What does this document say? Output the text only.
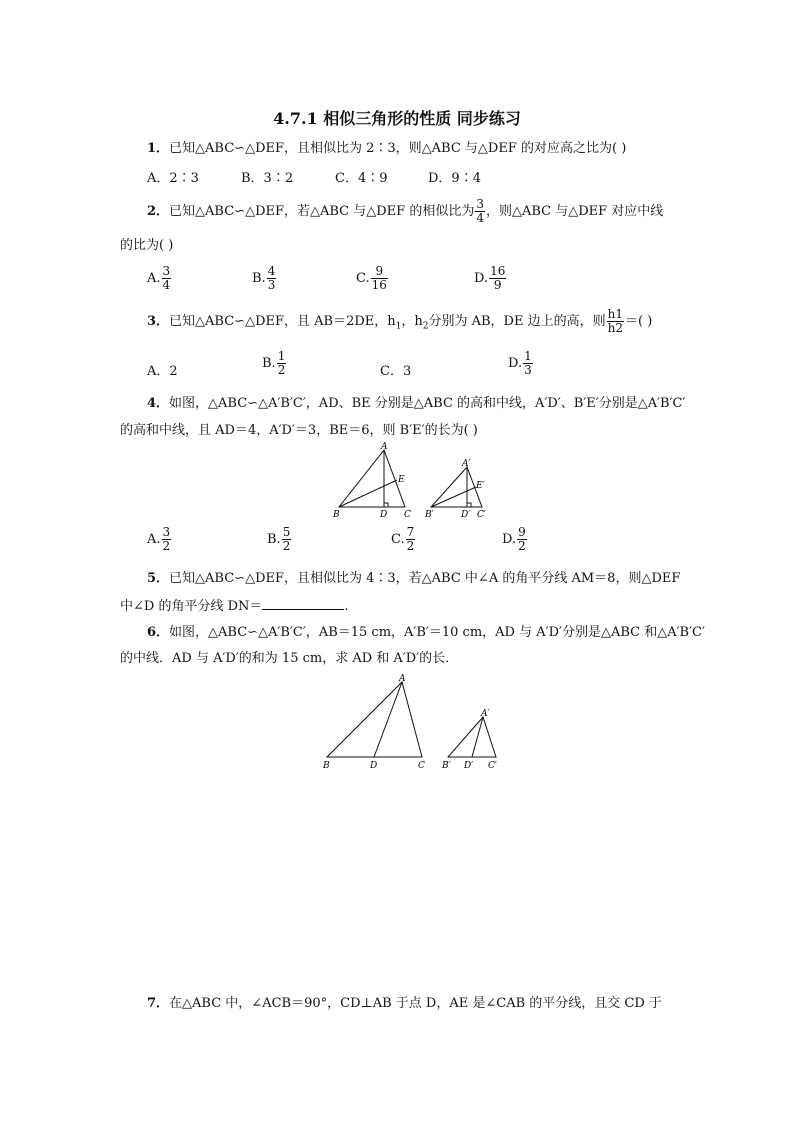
4.7.1 相似三角形的性质 同步练习
1．已知△ABC∽△DEF，且相似比为 2∶3，则△ABC 与△DEF 的对应高之比为( )
A．2∶3	B．3∶2	C．4∶9	D．9∶4
2．已知△ABC∽△DEF，若△ABC 与△DEF 的相似比为 $\frac{3}{4}$ ，则△ABC 与△DEF 对应中线
的比为( )
A. $\frac{3}{4}$	B. $\frac{4}{3}$	C. $\frac{9}{16}$	D. $\frac{16}{9}$
3．已知△ABC∽△DEF，且 AB＝2DE，$h_1$，$h_2$分别为 AB，DE 边上的高，则 $\frac{h1}{h2}$ ＝( )
A．2
B. $\frac{1}{2}$	C．3
D. $\frac{1}{3}$
4．如图，△ABC∽△A′B′C′，AD、BE 分别是△ABC 的高和中线，A′D′、B′E′分别是△A′B′C′
的高和中线，且 AD＝4，A′D′＝3，BE＝6，则 B′E′的长为( )
A
B	C
D
E
A′
B′	C′
D′
E′
A. $\frac{3}{2}$	B. $\frac{5}{2}$	C. $\frac{7}{2}$	D. $\frac{9}{2}$
5．已知△ABC∽△DEF，且相似比为 4∶3，若△ABC 中∠A 的角平分线 AM＝8，则△DEF
中∠D 的角平分线 DN＝	.
6．如图，△ABC∽△A′B′C′，AB＝15 cm，A′B′＝10 cm，AD 与 A′D′分别是△ABC 和△A′B′C′
的中线．AD 与 A′D′的和为 15 cm，求 AD 和 A′D′的长．
A
B	C
D
A′
B′	C′
D′
7．在△ABC 中，∠ACB＝90°，CD⊥AB 于点 D，AE 是∠CAB 的平分线，且交 CD 于
